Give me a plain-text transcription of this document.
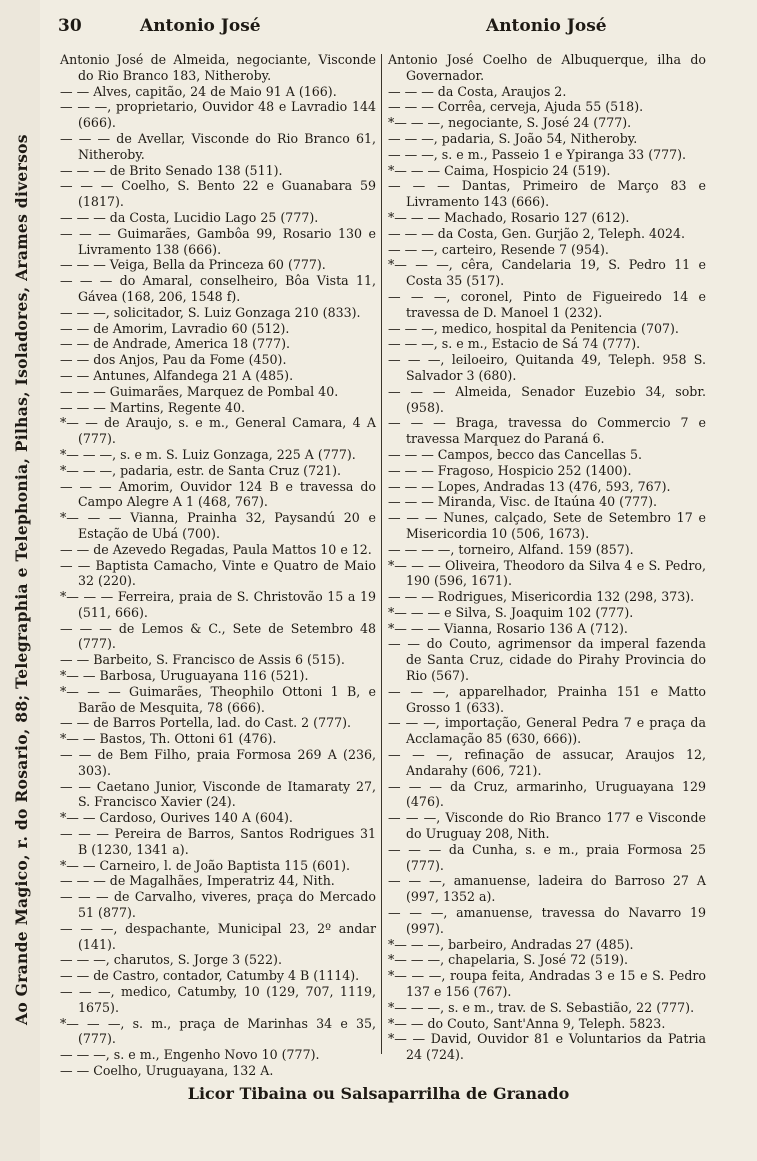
Ao Grande Magico, r. do Rosario, 88; Telegraphia e Telephonia, Pilhas, Isoladores, Arames diversos
30	Antonio José	Antonio José

Antonio José de Almeida, negociante, Visconde do Rio Branco 183, Nitheroby.

— — Alves, capitão, 24 de Maio 91 A (166).

— — —, proprietario, Ouvidor 48 e Lavradio 144 (666).

— — — de Avellar, Visconde do Rio Branco 61, Nitheroby.

— — — de Brito Senado 138 (511).

— — — Coelho, S. Bento 22 e Guanabara 59 (1817).

— — — da Costa, Lucidio Lago 25 (777).

— — — Guimarães, Gambôa 99, Rosario 130 e Livramento 138 (666).

— — — Veiga, Bella da Princeza 60 (777).

— — — do Amaral, conselheiro, Bôa Vista 11, Gávea (168, 206, 1548 f).

— — —, solicitador, S. Luiz Gonzaga 210 (833).

— — de Amorim, Lavradio 60 (512).

— — de Andrade, America 18 (777).

— — dos Anjos, Pau da Fome (450).

— — Antunes, Alfandega 21 A (485).

— — — Guimarães, Marquez de Pombal 40.

— — — Martins, Regente 40.

*— — de Araujo, s. e m., General Camara, 4 A (777).

*— — —, s. e m. S. Luiz Gonzaga, 225 A (777).

*— — —, padaria, estr. de Santa Cruz (721).

— — — Amorim, Ouvidor 124 B e travessa do Campo Alegre A 1 (468, 767).

*— — — Vianna, Prainha 32, Paysandú 20 e Estação de Ubá (700).

— — de Azevedo Regadas, Paula Mattos 10 e 12.

— — Baptista Camacho, Vinte e Quatro de Maio 32 (220).

*— — — Ferreira, praia de S. Christovão 15 a 19 (511, 666).

— — — de Lemos & C., Sete de Setembro 48 (777).

— — Barbeito, S. Francisco de Assis 6 (515).

*— — Barbosa, Uruguayana 116 (521).

*— — — Guimarães, Theophilo Ottoni 1 B, e Barão de Mesquita, 78 (666).

— — de Barros Portella, lad. do Cast. 2 (777).

*— — Bastos, Th. Ottoni 61 (476).

— — de Bem Filho, praia Formosa 269 A (236, 303).

— — Caetano Junior, Visconde de Itamaraty 27, S. Francisco Xavier (24).

*— — Cardoso, Ourives 140 A (604).

— — — Pereira de Barros, Santos Rodrigues 31 B (1230, 1341 a).

*— — Carneiro, l. de João Baptista 115 (601).

— — — de Magalhães, Imperatriz 44, Nith.

— — — de Carvalho, viveres, praça do Mercado 51 (877).

— — —, despachante, Municipal 23, 2º andar (141).

— — —, charutos, S. Jorge 3 (522).

— — de Castro, contador, Catumby 4 B (1114).

— — —, medico, Catumby, 10 (129, 707, 1119, 1675).

*— — —, s. m., praça de Marinhas 34 e 35, (777).

— — —, s. e m., Engenho Novo 10 (777).

— — Coelho, Uruguayana, 132 A.

Antonio José Coelho de Albuquerque, ilha do Governador.

— — — da Costa, Araujos 2.

— — — Corrêa, cerveja, Ajuda 55 (518).

*— — —, negociante, S. José 24 (777).

— — —, padaria, S. João 54, Nitheroby.

— — —, s. e m., Passeio 1 e Ypiranga 33 (777).

*— — — Caima, Hospicio 24 (519).

— — — Dantas, Primeiro de Março 83 e Livramento 143 (666).

*— — — Machado, Rosario 127 (612).

— — — da Costa, Gen. Gurjão 2, Teleph. 4024.

— — —, carteiro, Resende 7 (954).

*— — —, cêra, Candelaria 19, S. Pedro 11 e Costa 35 (517).

— — —, coronel, Pinto de Figueiredo 14 e travessa de D. Manoel 1 (232).

— — —, medico, hospital da Penitencia (707).

— — —, s. e m., Estacio de Sá 74 (777).

— — —, leiloeiro, Quitanda 49, Teleph. 958 S. Salvador 3 (680).

— — — Almeida, Senador Euzebio 34, sobr. (958).

— — — Braga, travessa do Commercio 7 e travessa Marquez do Paraná 6.

— — — Campos, becco das Cancellas 5.

— — — Fragoso, Hospicio 252 (1400).

— — — Lopes, Andradas 13 (476, 593, 767).

— — — Miranda, Visc. de Itaúna 40 (777).

— — — Nunes, calçado, Sete de Setembro 17 e Misericordia 10 (506, 1673).

— — — —, torneiro, Alfand. 159 (857).

*— — — Oliveira, Theodoro da Silva 4 e S. Pedro, 190 (596, 1671).

— — — Rodrigues, Misericordia 132 (298, 373).

*— — — e Silva, S. Joaquim 102 (777).

*— — — Vianna, Rosario 136 A (712).

— — do Couto, agrimensor da imperal fazenda de Santa Cruz, cidade do Pirahy Provincia do Rio (567).

— — —, apparelhador, Prainha 151 e Matto Grosso 1 (633).

— — —, importação, General Pedra 7 e praça da Acclamação 85 (630, 666)).

— — —, refinação de assucar, Araujos 12, Andarahy (606, 721).

— — — da Cruz, armarinho, Uruguayana 129 (476).

— — —, Visconde do Rio Branco 177 e Visconde do Uruguay 208, Nith.

— — — da Cunha, s. e m., praia Formosa 25 (777).

— — —, amanuense, ladeira do Barroso 27 A (997, 1352 a).

— — —, amanuense, travessa do Navarro 19 (997).

*— — —, barbeiro, Andradas 27 (485).

*— — —, chapelaria, S. José 72 (519).

*— — —, roupa feita, Andradas 3 e 15 e S. Pedro 137 e 156 (767).

*— — —, s. e m., trav. de S. Sebastião, 22 (777).

*— — do Couto, Sant'Anna 9, Teleph. 5823.

*— — David, Ouvidor 81 e Voluntarios da Patria 24 (724).

Licor Tibaina ou Salsaparrilha de Granado
